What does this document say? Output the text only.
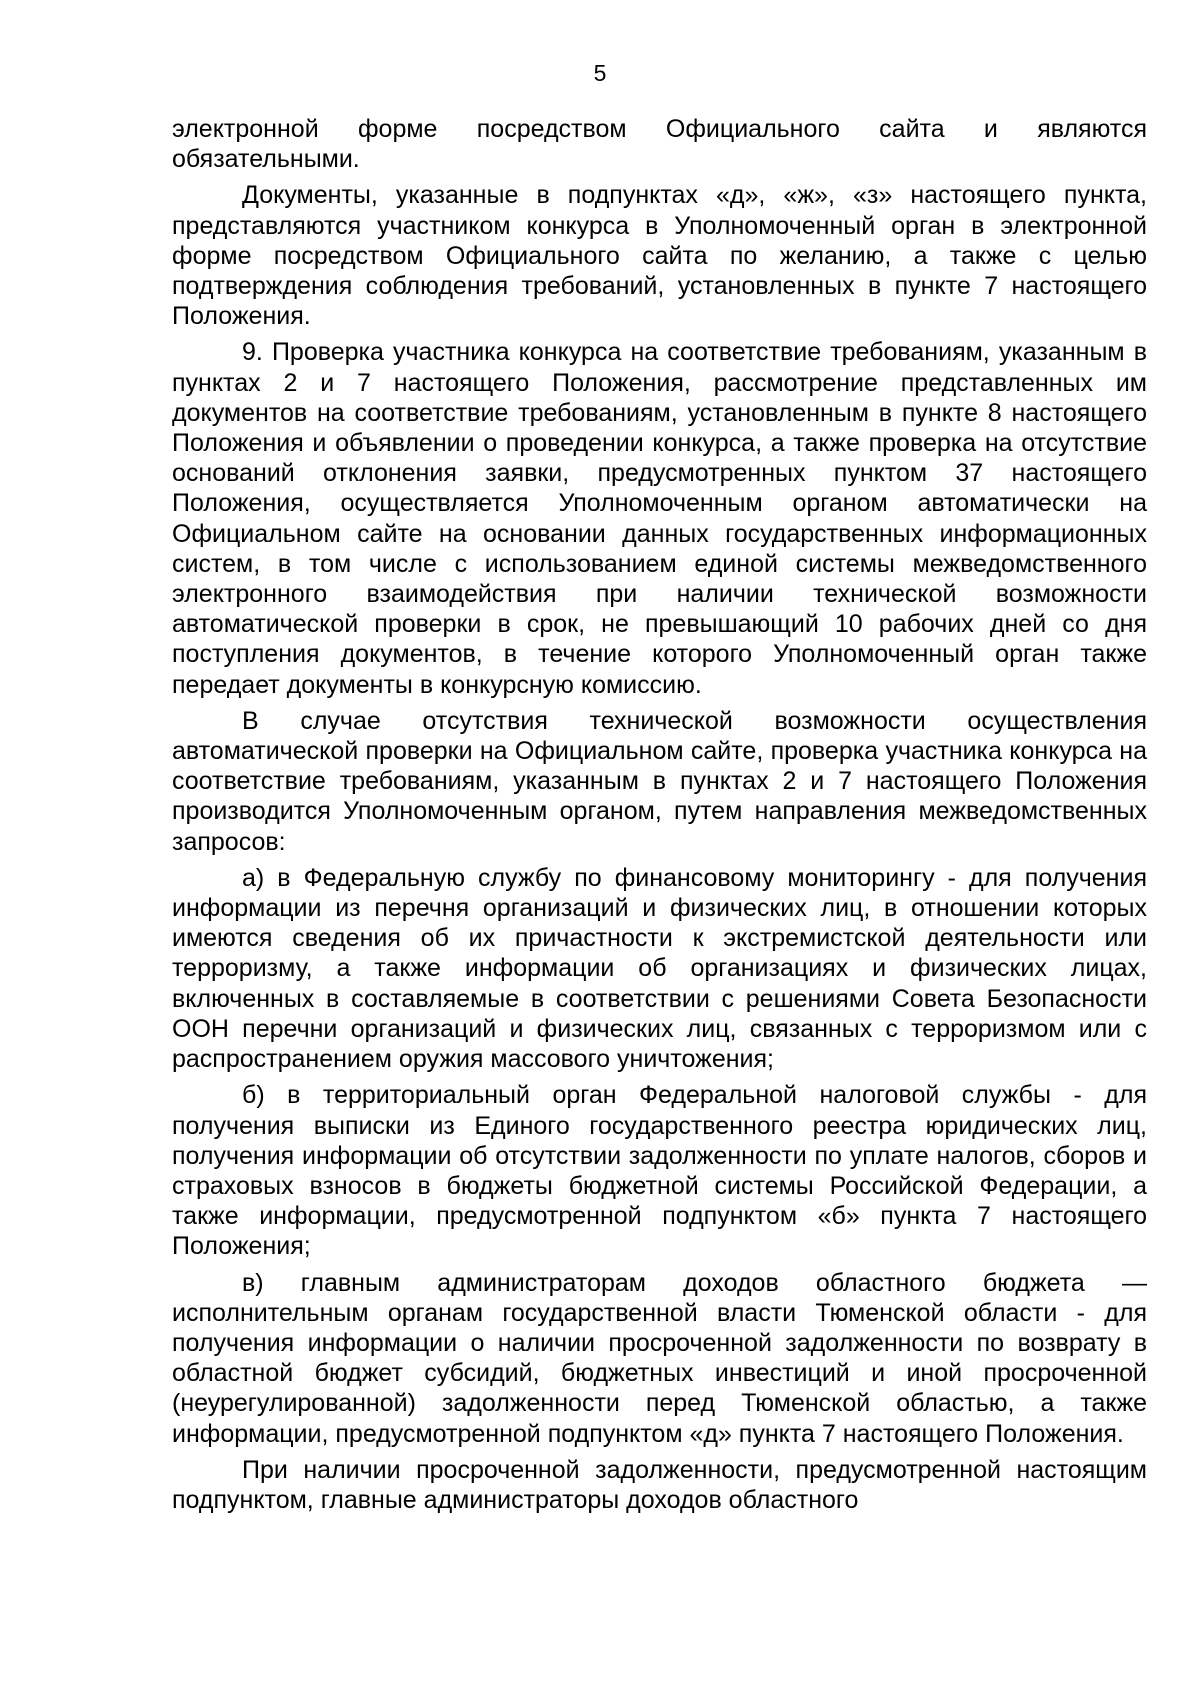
5

электронной форме посредством Официального сайта и являются обязательными.

Документы, указанные в подпунктах «д», «ж», «з» настоящего пункта, представляются участником конкурса в Уполномоченный орган в электронной форме посредством Официального сайта по желанию, а также с целью подтверждения соблюдения требований, установленных в пункте 7 настоящего Положения.

9. Проверка участника конкурса на соответствие требованиям, указанным в пунктах 2 и 7 настоящего Положения, рассмотрение представленных им документов на соответствие требованиям, установленным в пункте 8 настоящего Положения и объявлении о проведении конкурса, а также проверка на отсутствие оснований отклонения заявки, предусмотренных пунктом 37 настоящего Положения, осуществляется Уполномоченным органом автоматически на Официальном сайте на основании данных государственных информационных систем, в том числе с использованием единой системы межведомственного электронного взаимодействия при наличии технической возможности автоматической проверки в срок, не превышающий 10 рабочих дней со дня поступления документов, в течение которого Уполномоченный орган также передает документы в конкурсную комиссию.

В случае отсутствия технической возможности осуществления автоматической проверки на Официальном сайте, проверка участника конкурса на соответствие требованиям, указанным в пунктах 2 и 7 настоящего Положения производится Уполномоченным органом, путем направления межведомственных запросов:

а) в Федеральную службу по финансовому мониторингу - для получения информации из перечня организаций и физических лиц, в отношении которых имеются сведения об их причастности к экстремистской деятельности или терроризму, а также информации об организациях и физических лицах, включенных в составляемые в соответствии с решениями Совета Безопасности ООН перечни организаций и физических лиц, связанных с терроризмом или с распространением оружия массового уничтожения;

б) в территориальный орган Федеральной налоговой службы - для получения выписки из Единого государственного реестра юридических лиц, получения информации об отсутствии задолженности по уплате налогов, сборов и страховых взносов в бюджеты бюджетной системы Российской Федерации, а также информации, предусмотренной подпунктом «б» пункта 7 настоящего Положения;

в) главным администраторам доходов областного бюджета — исполнительным органам государственной власти Тюменской области - для получения информации о наличии просроченной задолженности по возврату в областной бюджет субсидий, бюджетных инвестиций и иной просроченной (неурегулированной) задолженности перед Тюменской областью, а также информации, предусмотренной подпунктом «д» пункта 7 настоящего Положения.

При наличии просроченной задолженности, предусмотренной настоящим подпунктом, главные администраторы доходов областного
